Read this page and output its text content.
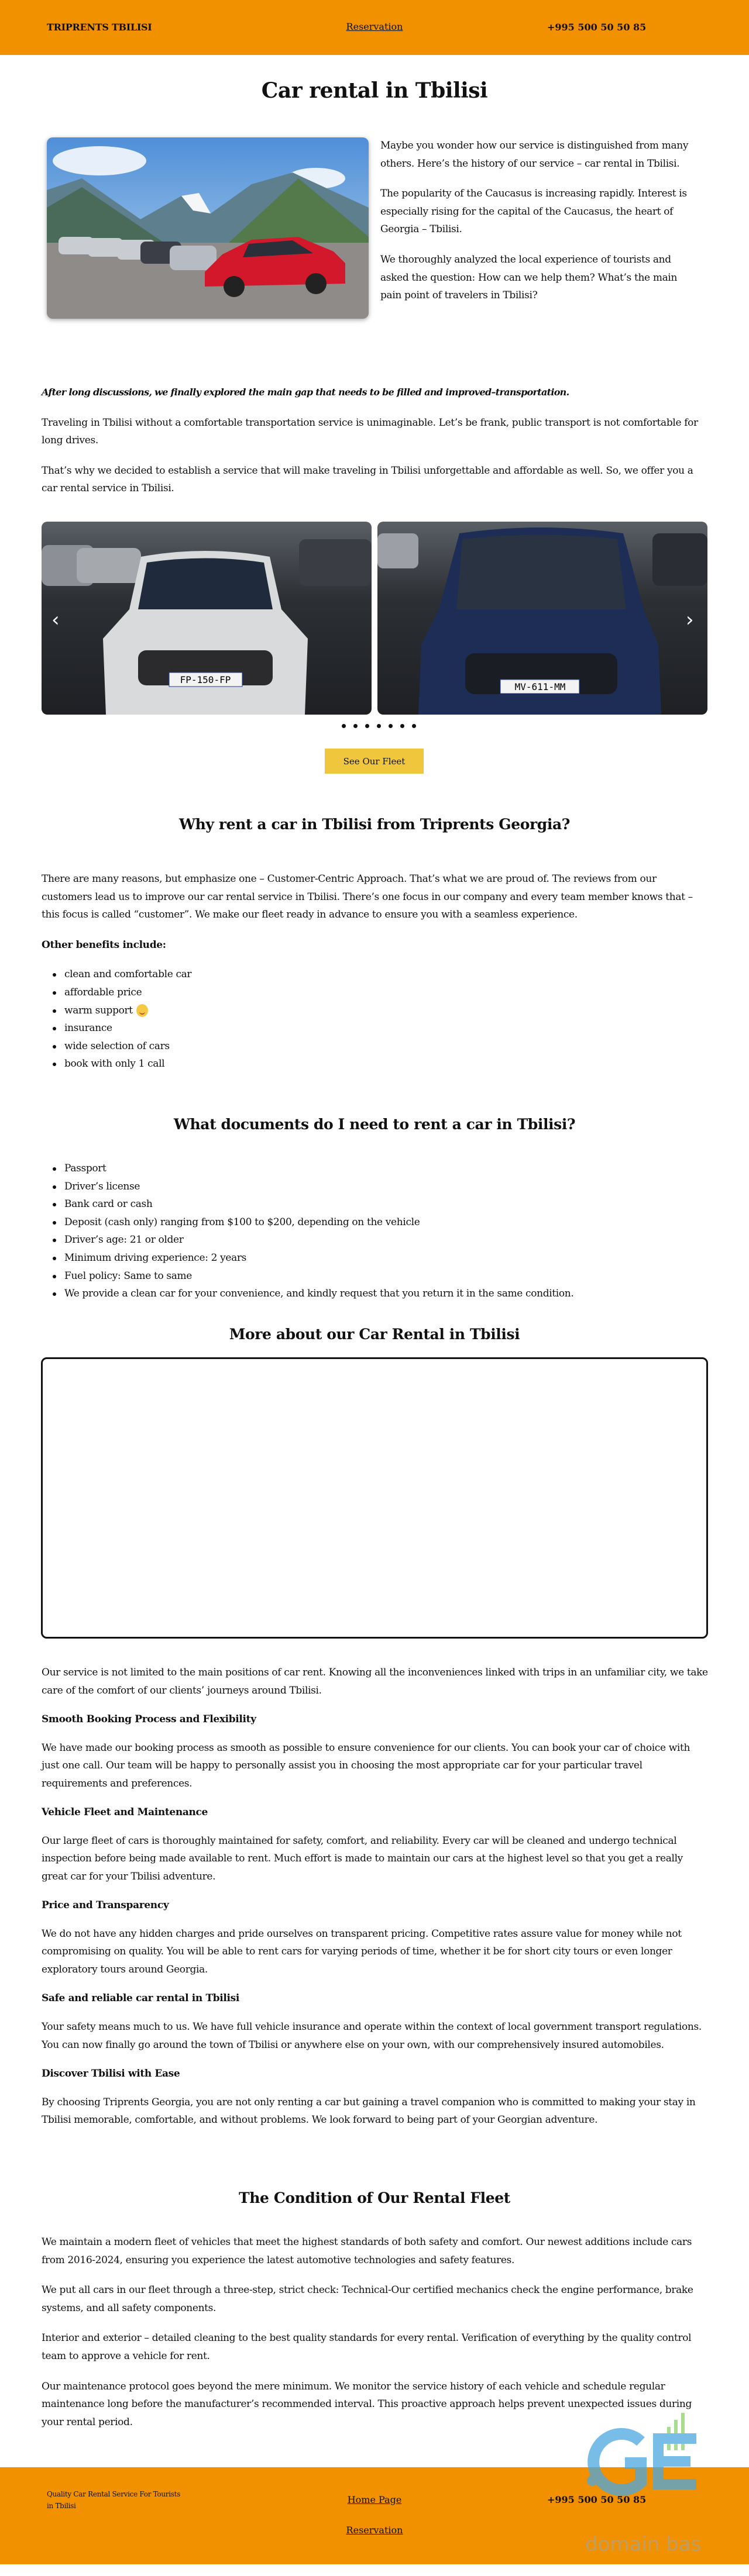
TRIPRENTS TBILISI	Reservation	+995 500 50 50 85
Car rental in Tbilisi

Maybe you wonder how our service is distinguished from many others. Here’s the history of our service – car rental in Tbilisi.

The popularity of the Caucasus is increasing rapidly. Interest is especially rising for the capital of the Caucasus, the heart of Georgia – Tbilisi.

We thoroughly analyzed the local experience of tourists and asked the question: How can we help them? What’s the main pain point of travelers in Tbilisi?

After long discussions, we finally explored the main gap that needs to be filled and improved–transportation.

Traveling in Tbilisi without a comfortable transportation service is unimaginable. Let’s be frank, public transport is not comfortable for long drives.

That’s why we decided to establish a service that will make traveling in Tbilisi unforgettable and affordable as well. So, we offer you a car rental service in Tbilisi.

FP-150-FP
MV-611-MM
‹	›
See Our Fleet
Why rent a car in Tbilisi from Triprents Georgia?

There are many reasons, but emphasize one – Customer-Centric Approach. That’s what we are proud of. The reviews from our customers lead us to improve our car rental service in Tbilisi. There’s one focus in our company and every team member knows that – this focus is called “customer”. We make our fleet ready in advance to ensure you with a seamless experience.

Other benefits include:

clean and comfortable car
affordable price
warm support
insurance
wide selection of cars
book with only 1 call
What documents do I need to rent a car in Tbilisi?
Passport
Driver’s license
Bank card or cash
Deposit (cash only) ranging from $100 to $200, depending on the vehicle
Driver’s age: 21 or older
Minimum driving experience: 2 years
Fuel policy: Same to same
We provide a clean car for your convenience, and kindly request that you return it in the same condition.
More about our Car Rental in Tbilisi

Our service is not limited to the main positions of car rent. Knowing all the inconveniences linked with trips in an unfamiliar city, we take care of the comfort of our clients’ journeys around Tbilisi.

Smooth Booking Process and Flexibility

We have made our booking process as smooth as possible to ensure convenience for our clients. You can book your car of choice with just one call. Our team will be happy to personally assist you in choosing the most appropriate car for your particular travel requirements and preferences.

Vehicle Fleet and Maintenance

Our large fleet of cars is thoroughly maintained for safety, comfort, and reliability. Every car will be cleaned and undergo technical inspection before being made available to rent. Much effort is made to maintain our cars at the highest level so that you get a really great car for your Tbilisi adventure.

Price and Transparency

We do not have any hidden charges and pride ourselves on transparent pricing. Competitive rates assure value for money while not compromising on quality. You will be able to rent cars for varying periods of time, whether it be for short city tours or even longer exploratory tours around Georgia.

Safe and reliable car rental in Tbilisi

Your safety means much to us. We have full vehicle insurance and operate within the context of local government transport regulations. You can now finally go around the town of Tbilisi or anywhere else on your own, with our comprehensively insured automobiles.

Discover Tbilisi with Ease

By choosing Triprents Georgia, you are not only renting a car but gaining a travel companion who is committed to making your stay in Tbilisi memorable, comfortable, and without problems. We look forward to being part of your Georgian adventure.

The Condition of Our Rental Fleet

We maintain a modern fleet of vehicles that meet the highest standards of both safety and comfort. Our newest additions include cars from 2016-2024, ensuring you experience the latest automotive technologies and safety features.

We put all cars in our fleet through a three-step, strict check: Technical-Our certified mechanics check the engine performance, brake systems, and all safety components.

Interior and exterior – detailed cleaning to the best quality standards for every rental. Verification of everything by the quality control team to approve a vehicle for rent.

Our maintenance protocol goes beyond the mere minimum. We monitor the service history of each vehicle and schedule regular maintenance long before the manufacturer’s recommended interval. This proactive approach helps prevent unexpected issues during your rental period.

Quality Car Rental Service For Tourists in Tbilisi
Home Page
Reservation
+995 500 50 50 85
domain base
